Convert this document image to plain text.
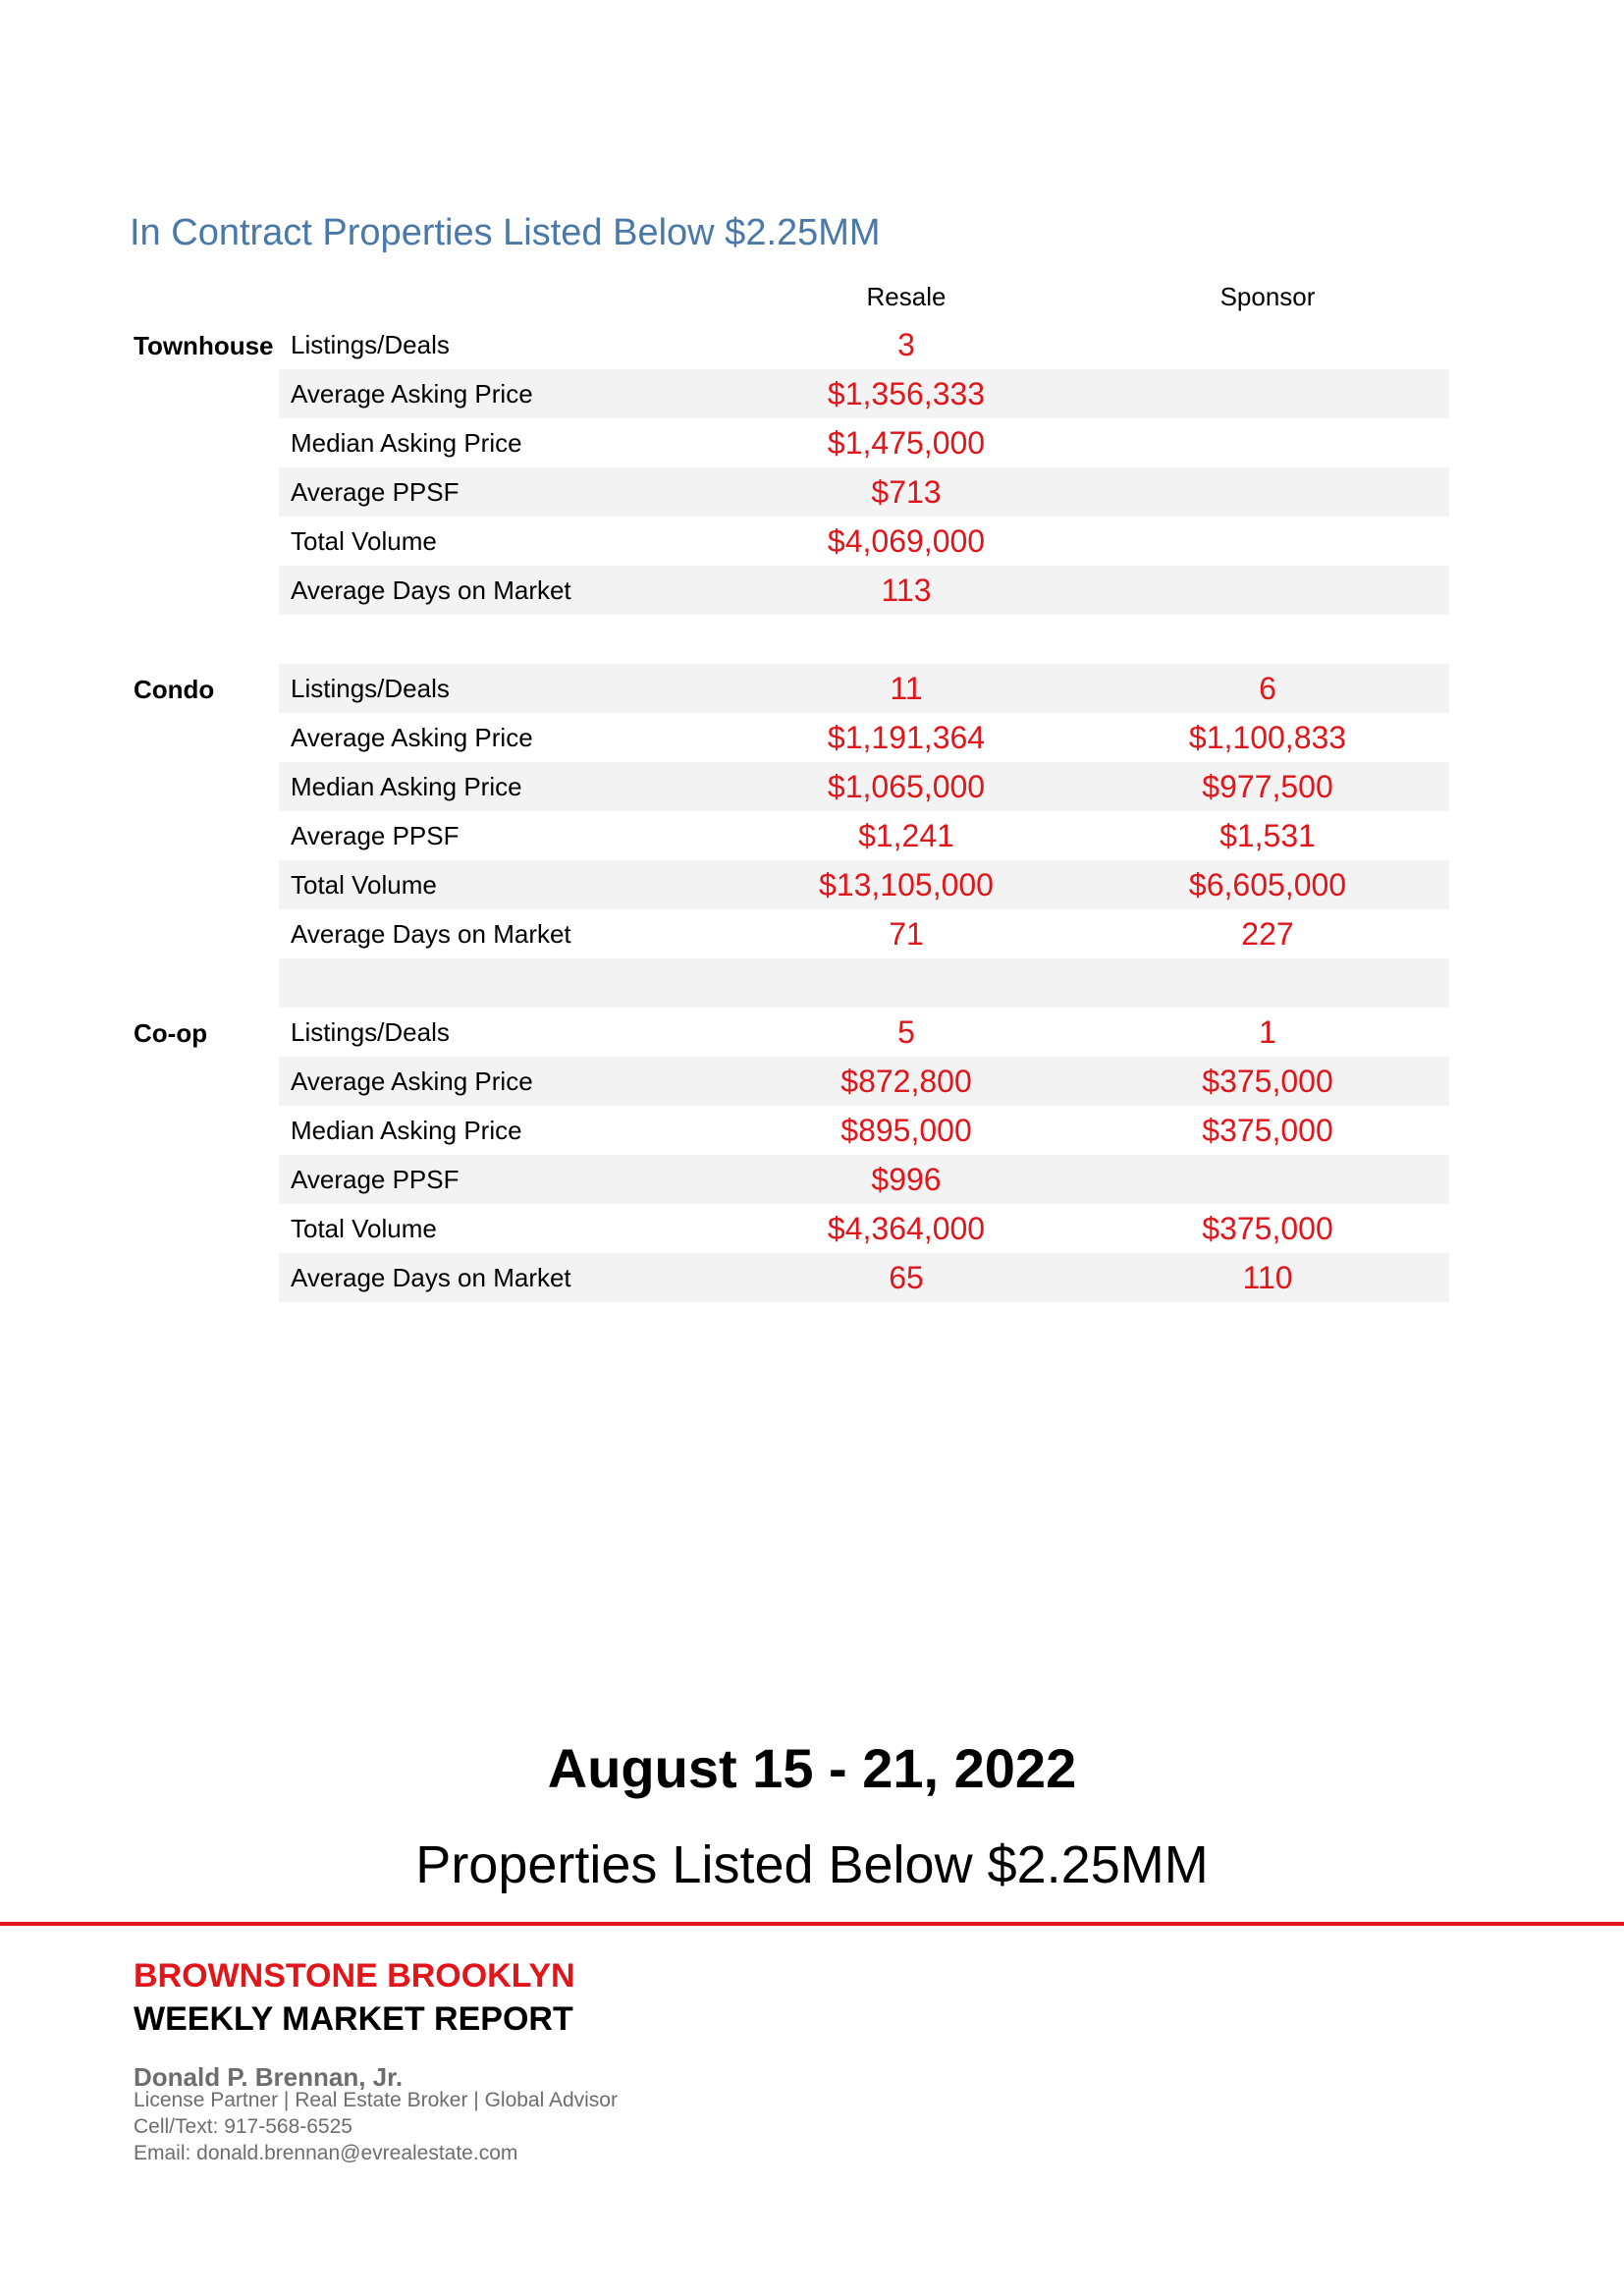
In Contract Properties Listed Below $2.25MM
Resale	Sponsor
Townhouse Listings/Deals	3
Average Asking Price	$1,356,333
Median Asking Price	$1,475,000
Average PPSF	$713
Total Volume	$4,069,000
Average Days on Market	113
Condo	Listings/Deals	11	6
Average Asking Price	$1,191,364	$1,100,833
Median Asking Price	$1,065,000	$977,500
Average PPSF	$1,241	$1,531
Total Volume	$13,105,000	$6,605,000
Average Days on Market	71	227
Co-op	Listings/Deals	5	1
Average Asking Price	$872,800	$375,000
Median Asking Price	$895,000	$375,000
Average PPSF	$996
Total Volume	$4,364,000	$375,000
Average Days on Market	65	110
August 15 - 21, 2022
Properties Listed Below $2.25MM
BROWNSTONE BROOKLYN
WEEKLY MARKET REPORT
Donald P. Brennan, Jr.
License Partner | Real Estate Broker | Global Advisor
Cell/Text: 917-568-6525
Email: donald.brennan@evrealestate.com
